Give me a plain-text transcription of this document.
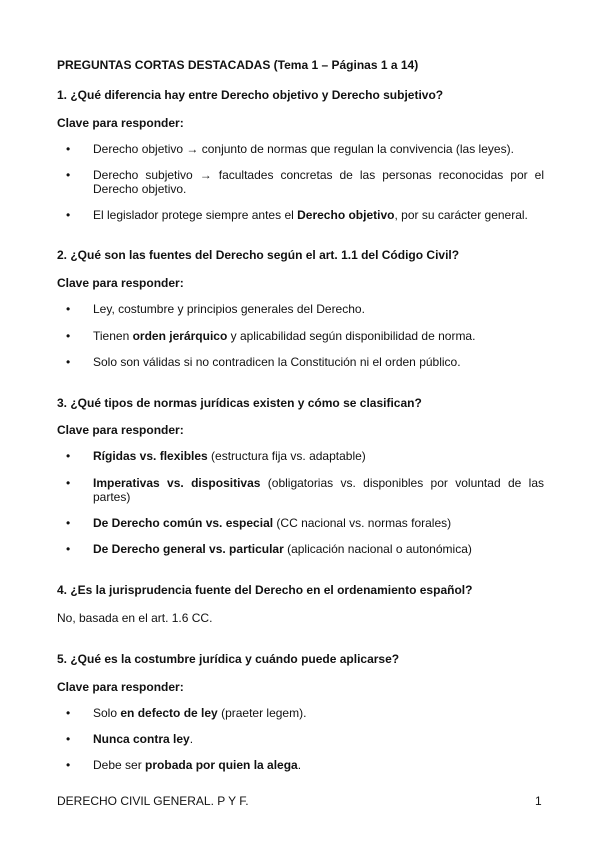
PREGUNTAS CORTAS DESTACADAS (Tema 1 – Páginas 1 a 14)
1. ¿Qué diferencia hay entre Derecho objetivo y Derecho subjetivo?
Clave para responder:
• Derecho objetivo → conjunto de normas que regulan la convivencia (las leyes).
• Derecho subjetivo → facultades concretas de las personas reconocidas por el Derecho objetivo.
• El legislador protege siempre antes el Derecho objetivo, por su carácter general.
2. ¿Qué son las fuentes del Derecho según el art. 1.1 del Código Civil?
Clave para responder:
• Ley, costumbre y principios generales del Derecho.
• Tienen orden jerárquico y aplicabilidad según disponibilidad de norma.
• Solo son válidas si no contradicen la Constitución ni el orden público.
3. ¿Qué tipos de normas jurídicas existen y cómo se clasifican?
Clave para responder:
• Rígidas vs. flexibles (estructura fija vs. adaptable)
• Imperativas vs. dispositivas (obligatorias vs. disponibles por voluntad de las partes)
• De Derecho común vs. especial (CC nacional vs. normas forales)
• De Derecho general vs. particular (aplicación nacional o autonómica)
4. ¿Es la jurisprudencia fuente del Derecho en el ordenamiento español?
No, basada en el art. 1.6 CC.
5. ¿Qué es la costumbre jurídica y cuándo puede aplicarse?
Clave para responder:
• Solo en defecto de ley (praeter legem).
• Nunca contra ley.
• Debe ser probada por quien la alega.
DERECHO CIVIL GENERAL. P Y F.	1
